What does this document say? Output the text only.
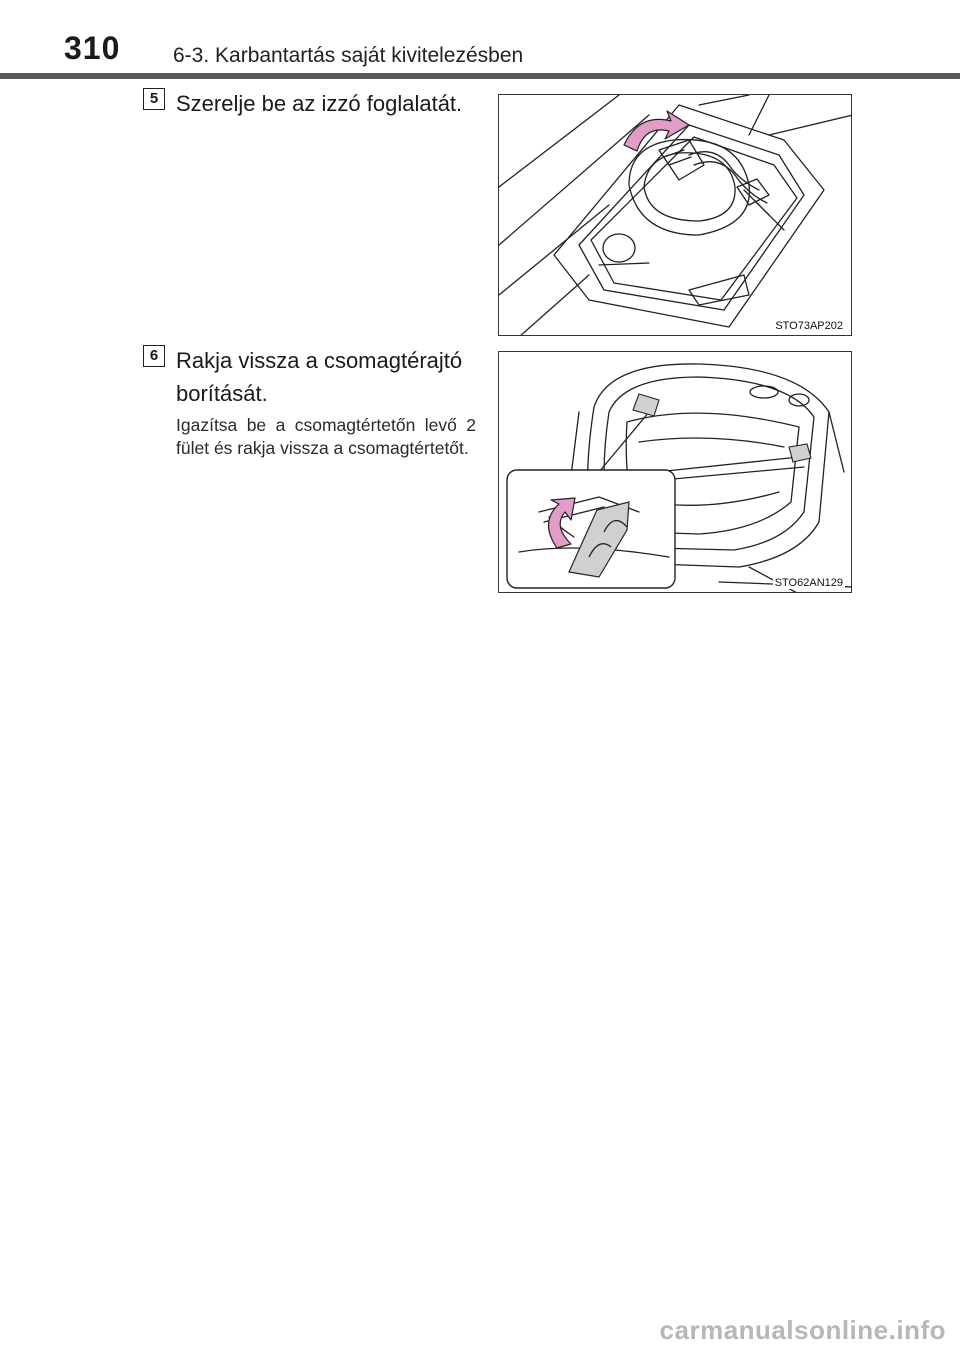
310	6-3. Karbantartás saját kivitelezésben
5 Szerelje be az izzó foglalatát.
STO73AP202
6 Rakja vissza a csomagtérajtó borítását.
Igazítsa be a csomagtértetőn levő 2 fület és rakja vissza a csomagtértetőt.
STO62AN129
carmanualsonline.info
